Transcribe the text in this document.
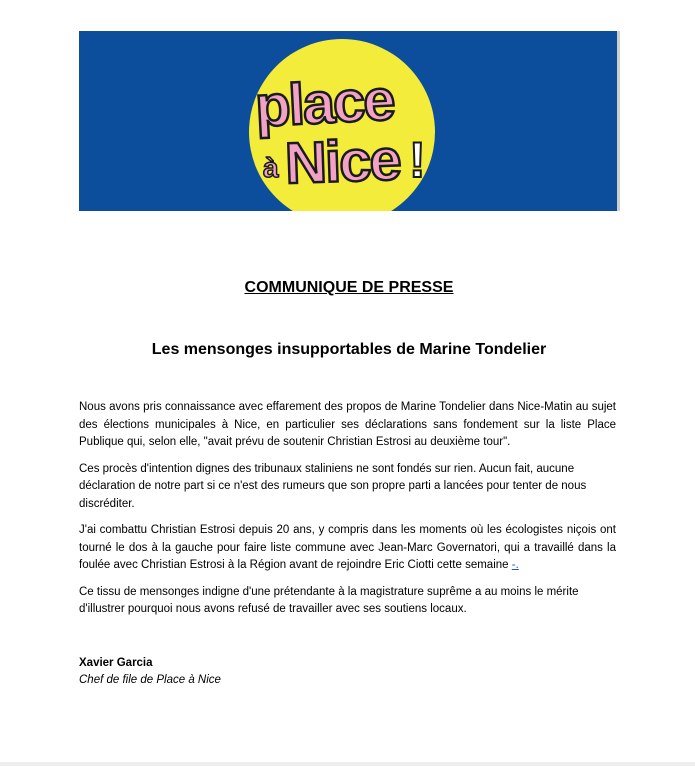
place
à Nice !
COMMUNIQUE DE PRESSE
Les mensonges insupportables de Marine Tondelier

Nous avons pris connaissance avec effarement des propos de Marine Tondelier dans Nice-Matin au sujet des élections municipales à Nice, en particulier ses déclarations sans fondement sur la liste Place Publique qui, selon elle, "avait prévu de soutenir Christian Estrosi au deuxième tour".

Ces procès d'intention dignes des tribunaux staliniens ne sont fondés sur rien. Aucun fait, aucune déclaration de notre part si ce n'est des rumeurs que son propre parti a lancées pour tenter de nous discréditer.

J'ai combattu Christian Estrosi depuis 20 ans, y compris dans les moments où les écologistes niçois ont tourné le dos à la gauche pour faire liste commune avec Jean-Marc Governatori, qui a travaillé dans la foulée avec Christian Estrosi à la Région avant de rejoindre Eric Ciotti cette semaine -.

Ce tissu de mensonges indigne d'une prétendante à la magistrature suprême a au moins le mérite d'illustrer pourquoi nous avons refusé de travailler avec ses soutiens locaux.

Xavier Garcia
Chef de file de Place à Nice
